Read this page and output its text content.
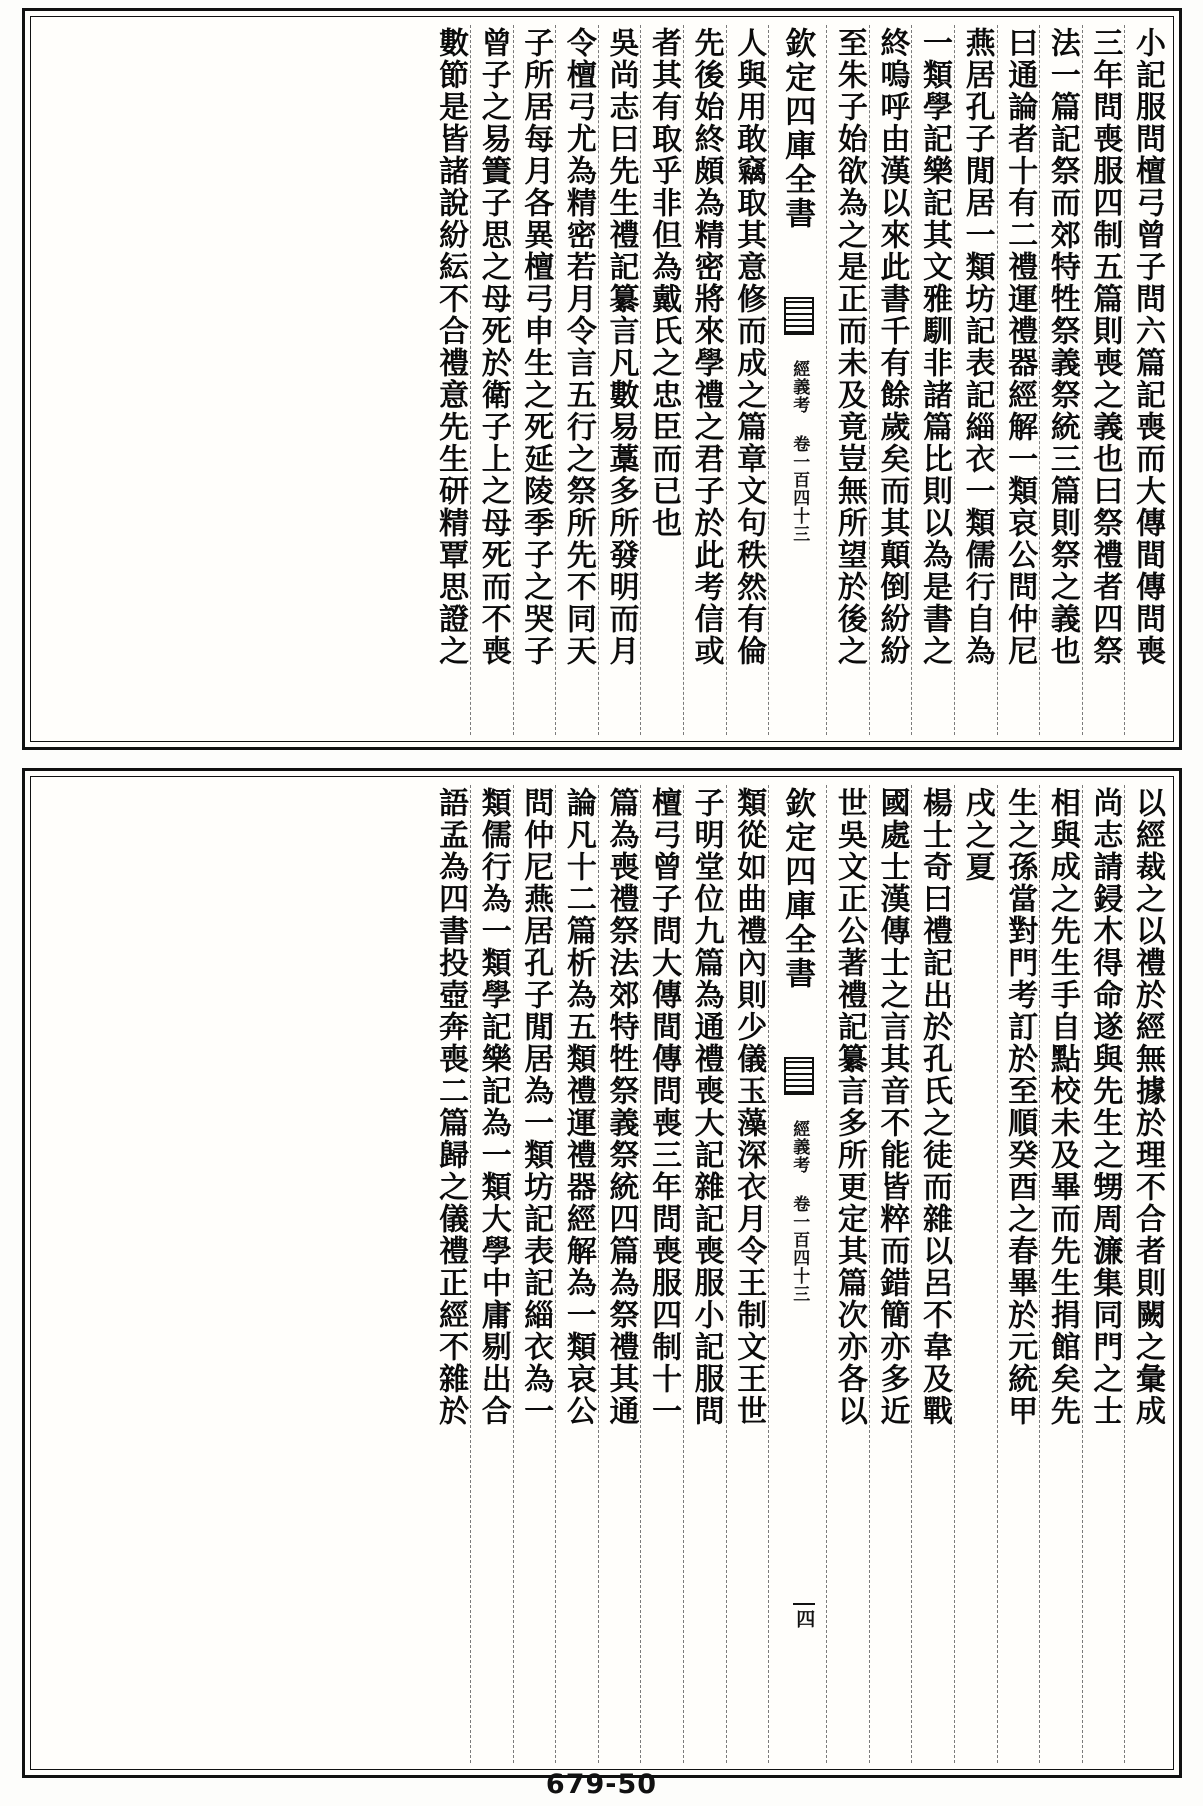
小記服問檀弓曾子問六篇記喪而大傳間傳問喪
三年問喪服四制五篇則喪之義也曰祭禮者四祭
法一篇記祭而郊特牲祭義祭統三篇則祭之義也
曰通論者十有二禮運禮器經解一類哀公問仲尼
燕居孔子閒居一類坊記表記緇衣一類儒行自為
一類學記樂記其文雅馴非諸篇比則以為是書之
終嗚呼由漢以來此書千有餘歲矣而其顛倒紛紛
至朱子始欲為之是正而未及竟豈無所望於後之
欽定四庫全書
經義考 卷一百四十三
人與用敢竊取其意修而成之篇章文句秩然有倫
先後始終頗為精密將來學禮之君子於此考信或
者其有取乎非但為戴氏之忠臣而已也
吳尚志曰先生禮記纂言凡數易藁多所發明而月
令檀弓尤為精密若月令言五行之祭所先不同天
子所居每月各異檀弓申生之死延陵季子之哭子
曾子之易簀子思之母死於衛子上之母死而不喪
數節是皆諸說紛紜不合禮意先生研精覃思證之
以經裁之以禮於經無據於理不合者則闕之彙成
尚志請鋟木得命遂與先生之甥周濂集同門之士
相與成之先生手自點校未及畢而先生捐館矣先
生之孫當對門考訂於至順癸酉之春畢於元統甲
戌之夏
楊士奇曰禮記出於孔氏之徒而雜以呂不韋及戰
國處士漢傳士之言其音不能皆粹而錯簡亦多近
世吳文正公著禮記纂言多所更定其篇次亦各以
欽定四庫全書
經義考 卷一百四十三
四
類從如曲禮內則少儀玉藻深衣月令王制文王世
子明堂位九篇為通禮喪大記雜記喪服小記服問
檀弓曾子問大傳間傳問喪三年問喪服四制十一
篇為喪禮祭法郊特牲祭義祭統四篇為祭禮其通
論凡十二篇析為五類禮運禮器經解為一類哀公
問仲尼燕居孔子閒居為一類坊記表記緇衣為一
類儒行為一類學記樂記為一類大學中庸剔出合
語孟為四書投壺奔喪二篇歸之儀禮正經不雜於
679-50
